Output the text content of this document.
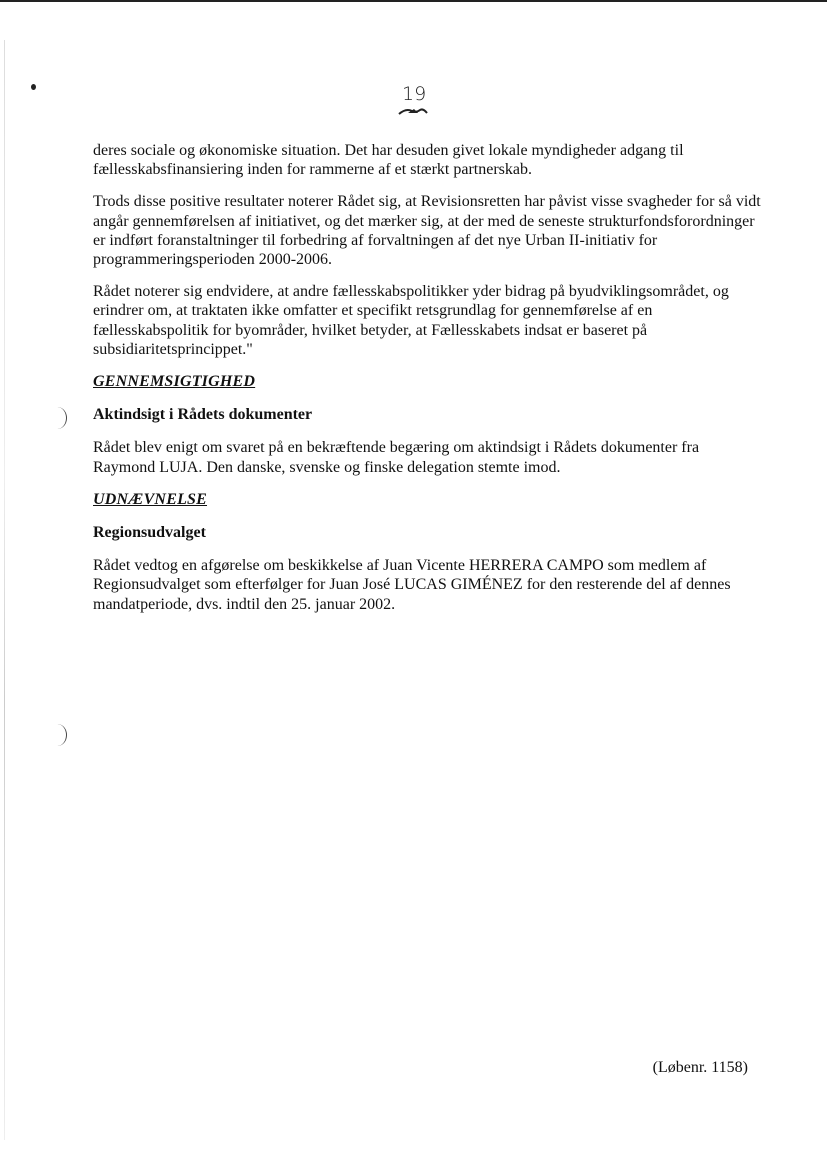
19

deres sociale og økonomiske situation. Det har desuden givet lokale myndigheder adgang til fællesskabsfinansiering inden for rammerne af et stærkt partnerskab.

Trods disse positive resultater noterer Rådet sig, at Revisionsretten har påvist visse svagheder for så vidt angår gennemførelsen af initiativet, og det mærker sig, at der med de seneste strukturfondsforordninger er indført foranstaltninger til forbedring af forvaltningen af det nye Urban II-initiativ for programmeringsperioden 2000-2006.

Rådet noterer sig endvidere, at andre fællesskabspolitikker yder bidrag på byudviklingsområdet, og erindrer om, at traktaten ikke omfatter et specifikt retsgrundlag for gennemførelse af en fællesskabspolitik for byområder, hvilket betyder, at Fællesskabets indsat er baseret på subsidiaritetsprincippet."

GENNEMSIGTIGHED

Aktindsigt i Rådets dokumenter

Rådet blev enigt om svaret på en bekræftende begæring om aktindsigt i Rådets dokumenter fra Raymond LUJA. Den danske, svenske og finske delegation stemte imod.

UDNÆVNELSE

Regionsudvalget

Rådet vedtog en afgørelse om beskikkelse af Juan Vicente HERRERA CAMPO som medlem af Regionsudvalget som efterfølger for Juan José LUCAS GIMÉNEZ for den resterende del af dennes mandatperiode, dvs. indtil den 25. januar 2002.

(Løbenr. 1158)
